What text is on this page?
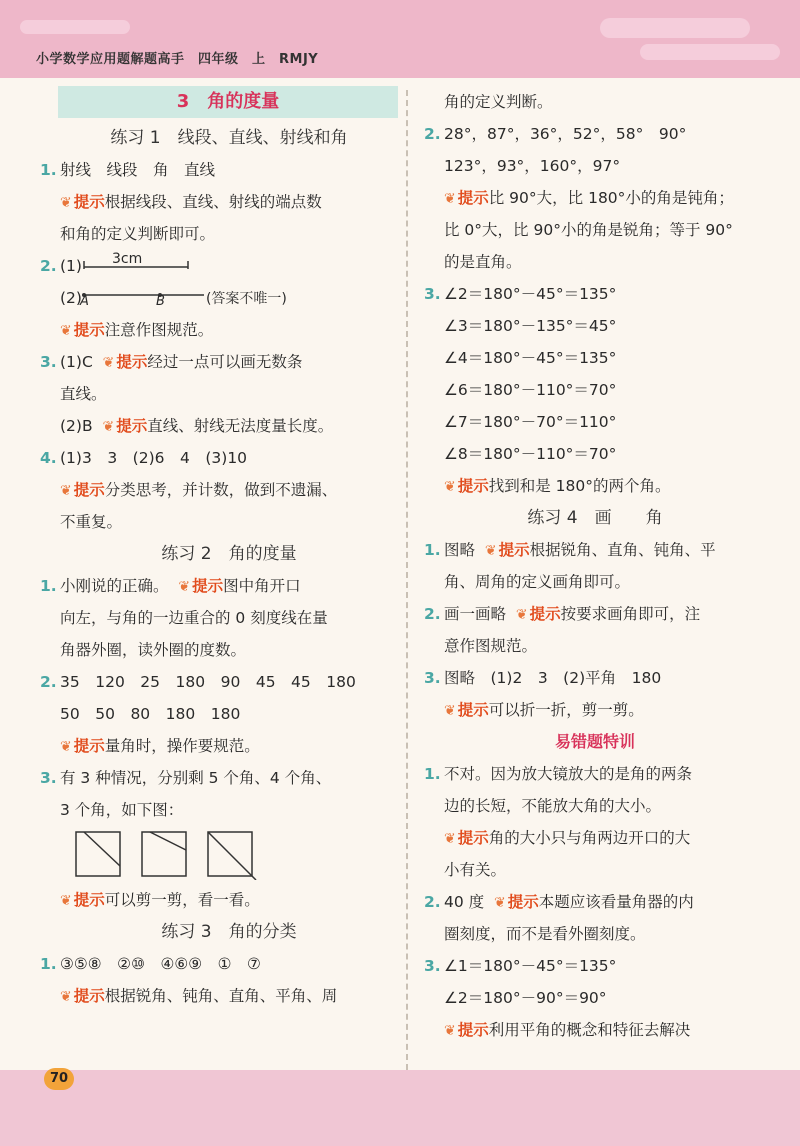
小学数学应用题解题高手　四年级　上　RMJY
3　角的度量
练习 1　线段、直线、射线和角
1. 射线　线段　角　直线
❦ 提示根据线段、直线、射线的端点数
和角的定义判断即可。
2. (1) 3cm
(2)
A	B	(答案不唯一)
❦ 提示注意作图规范。
3. (1)C ❦ 提示经过一点可以画无数条
直线。
(2)B ❦ 提示直线、射线无法度量长度。
4. (1)3　3　(2)6　4　(3)10
❦ 提示分类思考，并计数，做到不遗漏、
不重复。
练习 2　角的度量
1. 小刚说的正确。 ❦ 提示图中角开口
向左，与角的一边重合的 0 刻度线在量
角器外圈，读外圈的度数。
2. 35　120　25　180　90　45　45　180
50　50　80　180　180
❦ 提示量角时，操作要规范。
3. 有 3 种情况，分别剩 5 个角、4 个角、
3 个角，如下图：
❦ 提示可以剪一剪，看一看。
练习 3　角的分类
1. ③⑤⑧　②⑩　④⑥⑨　①　⑦
❦ 提示根据锐角、钝角、直角、平角、周
角的定义判断。
2. 28°，87°，36°，52°，58°　90°
123°，93°，160°，97°
❦ 提示比 90°大，比 180°小的角是钝角；
比 0°大，比 90°小的角是锐角；等于 90°
的是直角。
3. ∠2＝180°－45°＝135°
∠3＝180°－135°＝45°
∠4＝180°－45°＝135°
∠6＝180°－110°＝70°
∠7＝180°－70°＝110°
∠8＝180°－110°＝70°
❦ 提示找到和是 180°的两个角。
练习 4　画　　角
1. 图略 ❦ 提示根据锐角、直角、钝角、平
角、周角的定义画角即可。
2. 画一画略 ❦ 提示按要求画角即可，注
意作图规范。
3. 图略　(1)2　3　(2)平角　180
❦ 提示可以折一折，剪一剪。
易错题特训
1. 不对。因为放大镜放大的是角的两条
边的长短，不能放大角的大小。
❦ 提示角的大小只与角两边开口的大
小有关。
2. 40 度 ❦ 提示本题应该看量角器的内
圈刻度，而不是看外圈刻度。
3. ∠1＝180°－45°＝135°
∠2＝180°－90°＝90°
❦ 提示利用平角的概念和特征去解决
70
